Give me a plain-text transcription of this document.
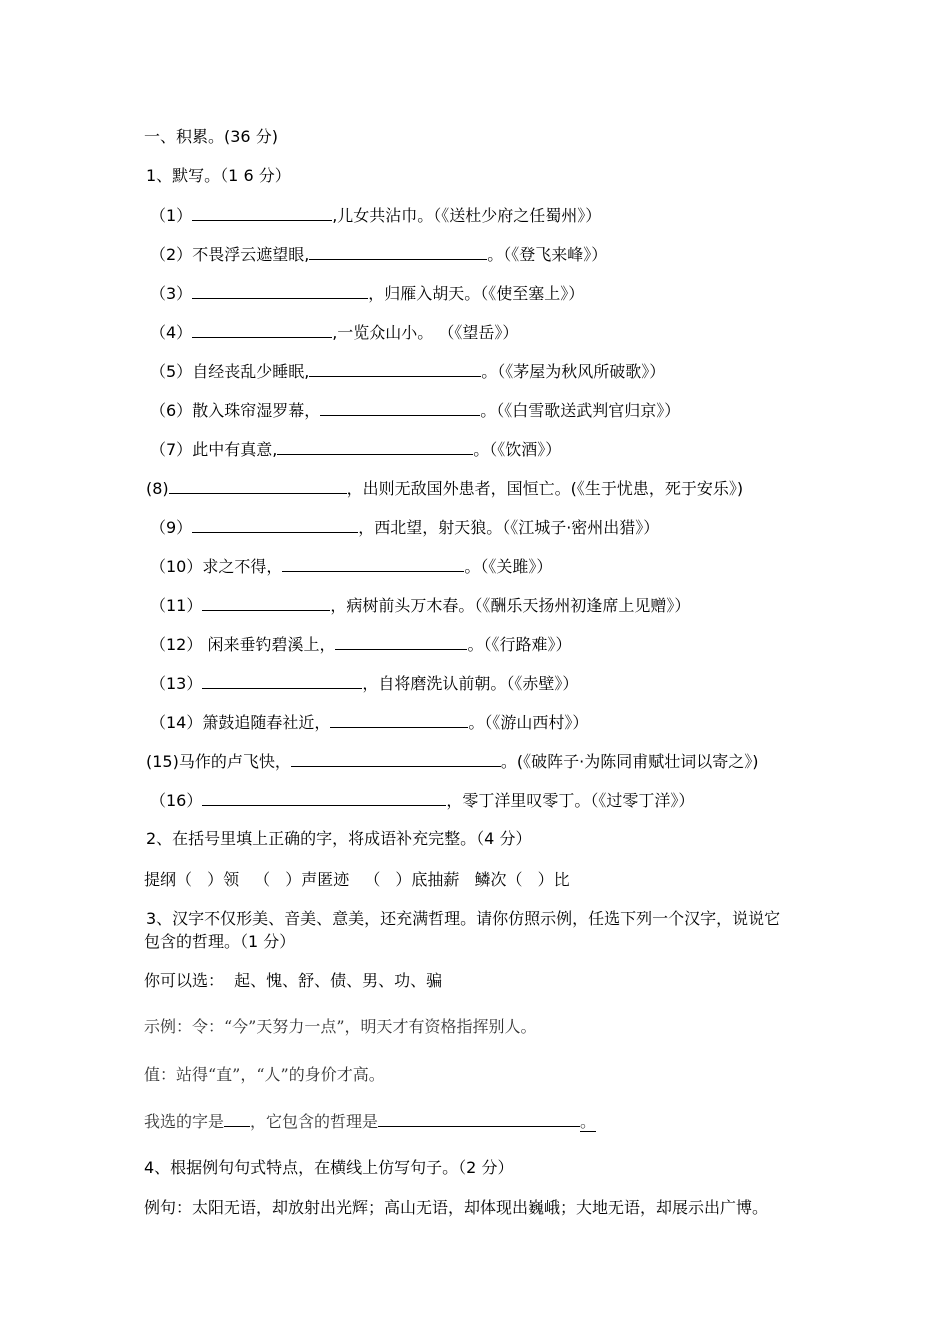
一、积累。(36 分)
1、默写。（1 6 分）
（1）	,儿女共沾巾。（《送杜少府之任蜀州》）
（2）不畏浮云遮望眼,	。（《登飞来峰》）
（3）	，归雁入胡天。（《使至塞上》）
（4）	,一览众山小。 （《望岳》）
（5）自经丧乱少睡眠,	。（《茅屋为秋风所破歌》）
（6）散入珠帘湿罗幕，	。（《白雪歌送武判官归京》）
（7）此中有真意,	。（《饮酒》）
(8)	，出则无敌国外患者，国恒亡。(《生于忧患，死于安乐》)
（9）	，西北望，射天狼。（《江城子·密州出猎》）
（10）求之不得，	。（《关雎》）
（11）	，病树前头万木春。（《酬乐天扬州初逢席上见赠》）
（12） 闲来垂钓碧溪上，	。（《行路难》）
（13）	，自将磨洗认前朝。（《赤壁》）
（14）箫鼓追随春社近，	。（《游山西村》）
(15)马作的卢飞快，	。(《破阵子·为陈同甫赋壮词以寄之》)
（16）	，零丁洋里叹零丁。（《过零丁洋》）
2、在括号里填上正确的字，将成语补充完整。（4 分）
提纲（ ）领 （ ）声匿迹 （ ）底抽薪 鳞次（ ）比
3、汉字不仅形美、音美、意美，还充满哲理。请你仿照示例，任选下列一个汉字，说说它
包含的哲理。（1 分）
你可以选：  起、愧、舒、债、男、功、骗
示例：令：“今”天努力一点”，明天才有资格指挥别人。
值：站得“直”，“人”的身价才高。
我选的字是 ，它包含的哲理是	。
4、根据例句句式特点，在横线上仿写句子。（2 分）
例句：太阳无语，却放射出光辉；高山无语，却体现出巍峨；大地无语，却展示出广博。
